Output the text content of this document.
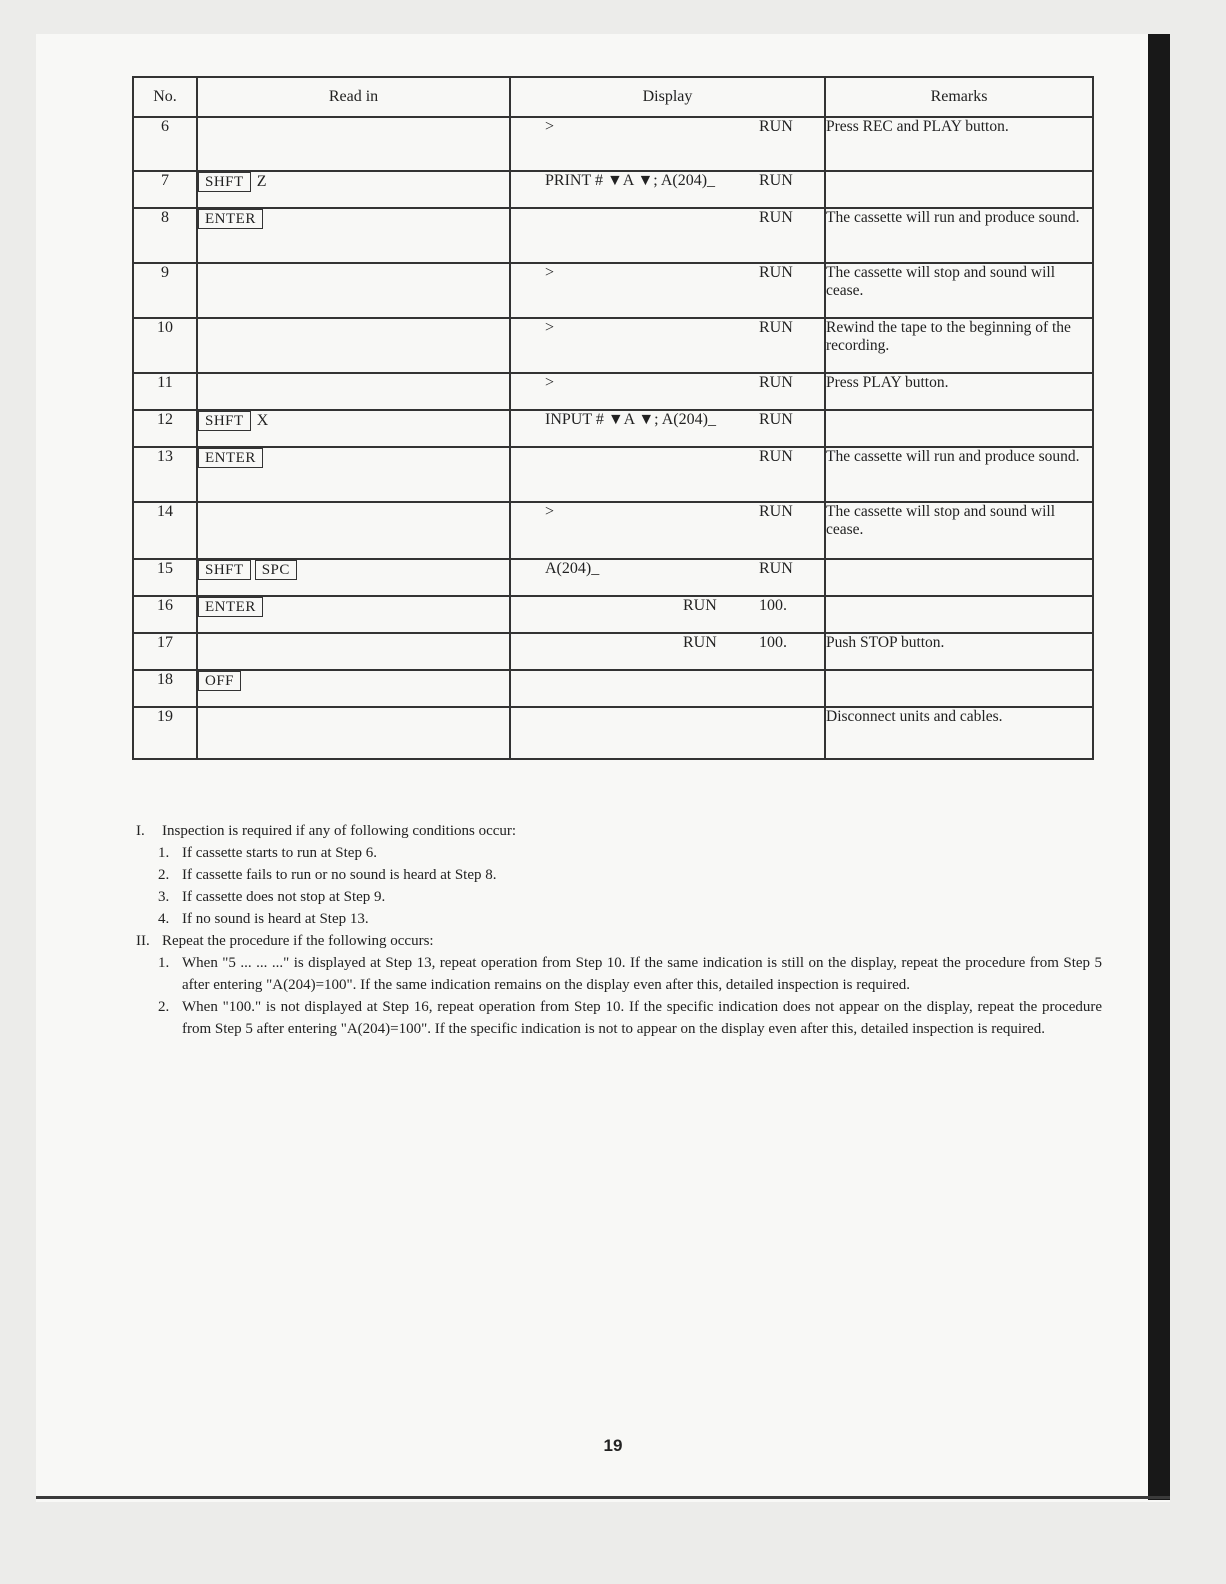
No.	Read in	Display	Remarks
6		> RUN	Press REC and PLAY button.
7	SHFT Z	PRINT # ▼A ▼; A(204)_ RUN	

8	ENTER	RUN	The cassette will run and produce sound.
9		> RUN	The cassette will stop and sound will cease.
10		> RUN	Rewind the tape to the beginning of the recording.
11		> RUN	Press PLAY button.
12	SHFT X	INPUT # ▼A ▼; A(204)_ RUN	

13	ENTER	RUN	The cassette will run and produce sound.
14		> RUN	The cassette will stop and sound will cease.
15	SHFT SPC	A(204)_ RUN	

16	ENTER	RUN 100.	

17		RUN 100.	Push STOP button.
18	OFF	

19			Disconnect units and cables.
I. Inspection is required if any of following conditions occur:
1. If cassette starts to run at Step 6.
2. If cassette fails to run or no sound is heard at Step 8.
3. If cassette does not stop at Step 9.
4. If no sound is heard at Step 13.
II. Repeat the procedure if the following occurs:
1. When "5 ... ... ..." is displayed at Step 13, repeat operation from Step 10. If the same indication is still on the display, repeat the procedure from Step 5 after entering "A(204)=100". If the same indication remains on the display even after this, detailed inspection is required.
2. When "100." is not displayed at Step 16, repeat operation from Step 10. If the specific indication does not appear on the display, repeat the procedure from Step 5 after entering "A(204)=100". If the specific indication is not to appear on the display even after this, detailed inspection is required.
19
